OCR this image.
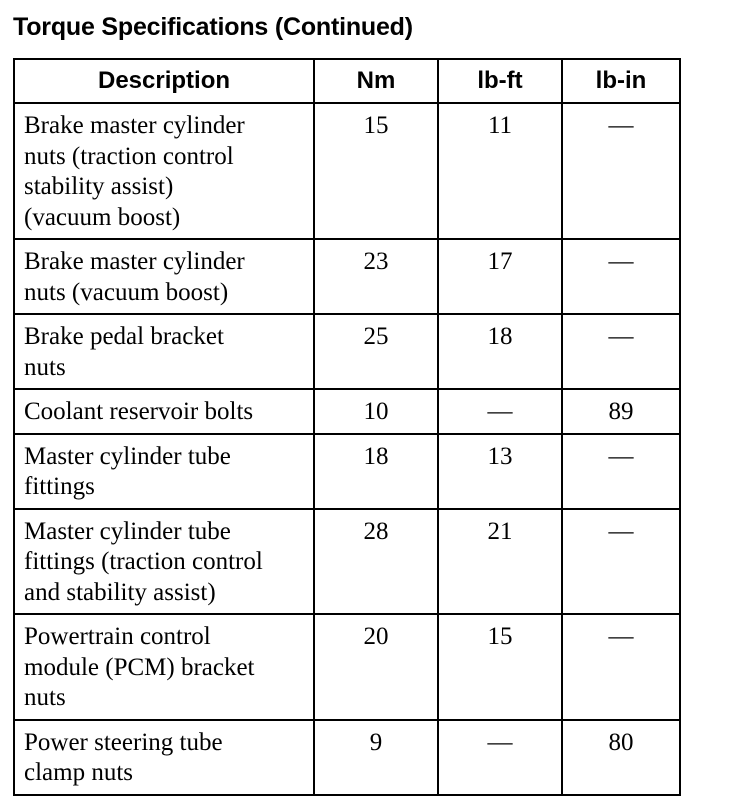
Torque Specifications (Continued)
Description	Nm	lb-ft	lb-in

Brake master cylinder
nuts (traction control
stability assist)
(vacuum boost)	15	11	—

Brake master cylinder
nuts (vacuum boost)	23	17	—

Brake pedal bracket
nuts	25	18	—

Coolant reservoir bolts	10	—	89

Master cylinder tube
fittings	18	13	—

Master cylinder tube
fittings (traction control
and stability assist)	28	21	—

Powertrain control
module (PCM) bracket
nuts	20	15	—

Power steering tube
clamp nuts	9	—	80
